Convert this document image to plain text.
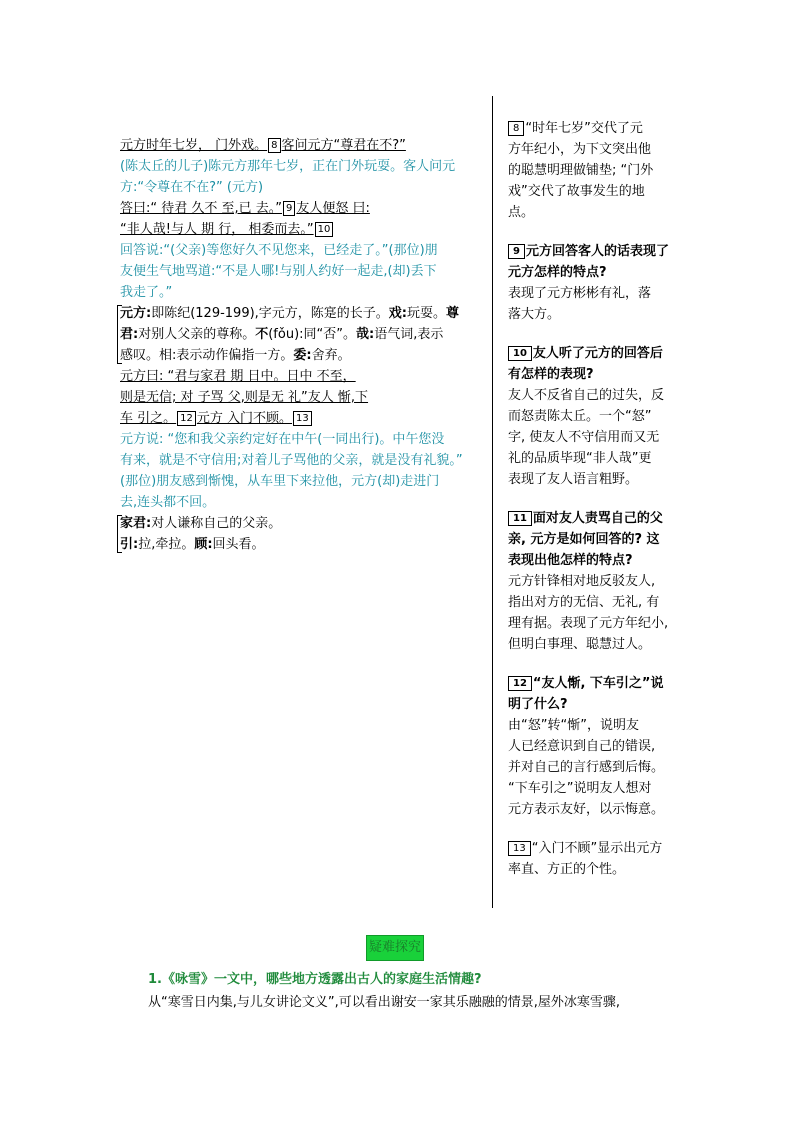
元方时年七岁， 门外戏。 8 客问元方“尊君在不?”
(陈太丘的儿子)陈元方那年七岁，正在门外玩耍。客人问元
方:“令尊在不在?” (元方)
答曰:“ 待君 久不 至,已 去。” 9 友人便怒 曰:
“非人哉!与人 期 行， 相委而去。” 10
回答说:“(父亲)等您好久不见您来，已经走了。”(那位)朋
友便生气地骂道:“不是人哪!与别人约好一起走,(却)丢下
我走了。”
元方:即陈纪(129-199),字元方，陈寔的长子。戏:玩耍。尊
君:对别人父亲的尊称。不(fǒu):同“否”。哉:语气词,表示
感叹。相:表示动作偏指一方。委:舍弃。
元方曰: “君与家君 期 日中。日中 不至，
则是无信; 对 子骂 父,则是无 礼”友人 惭,下
车 引之。 12 元方 入门不顾。 13
元方说: “您和我父亲约定好在中午(一同出行)。中午您没
有来，就是不守信用;对着儿子骂他的父亲，就是没有礼貌。”
(那位)朋友感到惭愧，从车里下来拉他，元方(却)走进门
去,连头都不回。
家君:对人谦称自己的父亲。
引:拉,牵拉。顾:回头看。
8 “时年七岁”交代了元
方年纪小，为下文突出他
的聪慧明理做铺垫; “门外
戏”交代了故事发生的地
点。
9 元方回答客人的话表现了
元方怎样的特点?
表现了元方彬彬有礼，落
落大方。
10 友人听了元方的回答后
有怎样的表现?
友人不反省自己的过失，反
而怒责陈太丘。一个“怒”
字, 使友人不守信用而又无
礼的品质毕现“非人哉”更
表现了友人语言粗野。
11 面对友人责骂自己的父
亲, 元方是如何回答的? 这
表现出他怎样的特点?
元方针锋相对地反驳友人,
指出对方的无信、无礼, 有
理有据。表现了元方年纪小,
但明白事理、聪慧过人。
12 “友人惭, 下车引之”说
明了什么?
由“怒”转“惭”，说明友
人已经意识到自己的错误,
并对自己的言行感到后悔。
“下车引之”说明友人想对
元方表示友好，以示悔意。
13 “入门不顾”显示出元方
率直、方正的个性。
疑难探究
1.《咏雪》一文中，哪些地方透露出古人的家庭生活情趣?
从“寒雪日内集,与儿女讲论文义”,可以看出谢安一家其乐融融的情景,屋外冰寒雪骤,
